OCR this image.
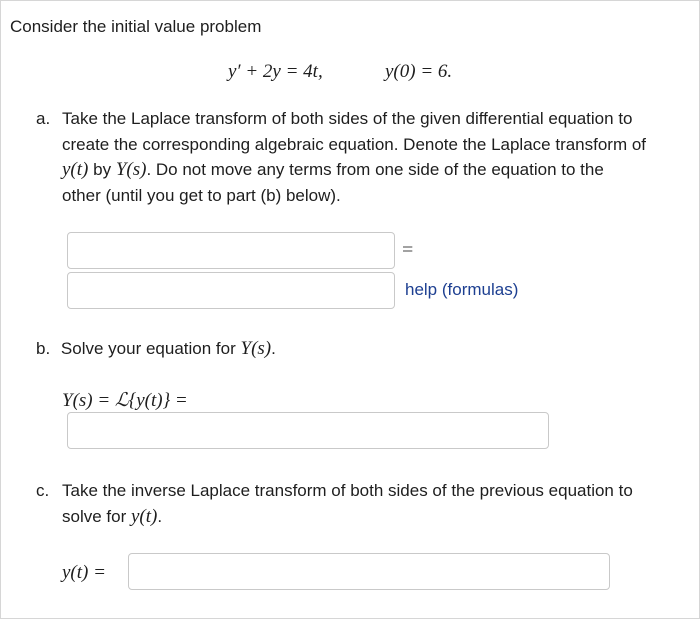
Consider the initial value problem
y′ + 2y = 4t,	y(0) = 6.
a. Take the Laplace transform of both sides of the given differential equation to
create the corresponding algebraic equation. Denote the Laplace transform of
y(t) by Y(s). Do not move any terms from one side of the equation to the
other (until you get to part (b) below).
=
help (formulas)
b. Solve your equation for Y(s).
Y(s) = ℒ{y(t)} =
c. Take the inverse Laplace transform of both sides of the previous equation to
solve for y(t).
y(t) =
